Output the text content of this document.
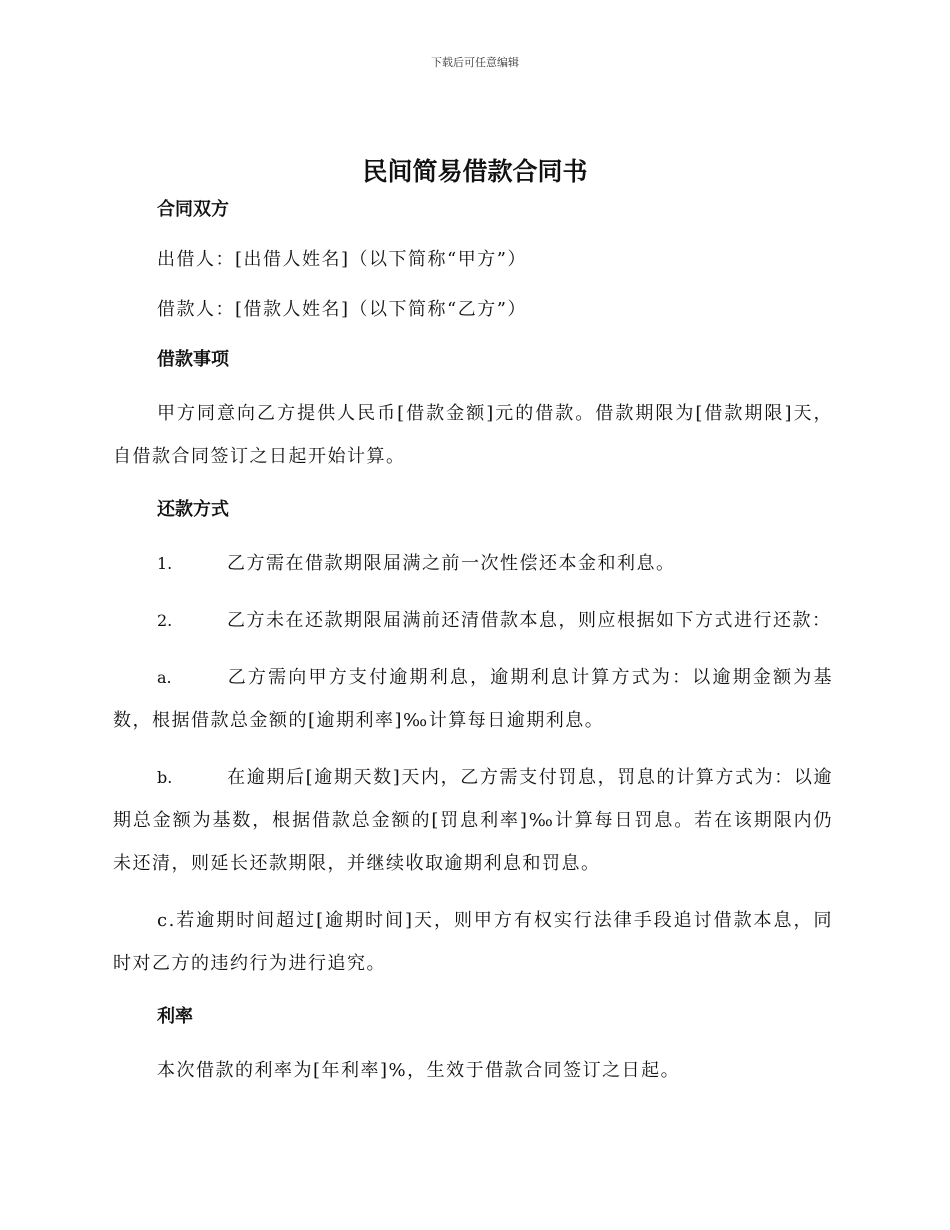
下载后可任意编辑
民间简易借款合同书
合同双方

出借人：[出借人姓名]（以下简称“甲方”）

借款人：[借款人姓名]（以下简称“乙方”）

借款事项

甲方同意向乙方提供人民币[借款金额]元的借款。借款期限为[借款期限]天，自借款合同签订之日起开始计算。

还款方式

1.	乙方需在借款期限届满之前一次性偿还本金和利息。

2.	乙方未在还款期限届满前还清借款本息，则应根据如下方式进行还款：

a.	乙方需向甲方支付逾期利息，逾期利息计算方式为：以逾期金额为基数，根据借款总金额的[逾期利率]‰计算每日逾期利息。

b.	在逾期后[逾期天数]天内，乙方需支付罚息，罚息的计算方式为：以逾期总金额为基数，根据借款总金额的[罚息利率]‰计算每日罚息。若在该期限内仍未还清，则延长还款期限，并继续收取逾期利息和罚息。

c.若逾期时间超过[逾期时间]天，则甲方有权实行法律手段追讨借款本息，同时对乙方的违约行为进行追究。

利率

本次借款的利率为[年利率]%，生效于借款合同签订之日起。
